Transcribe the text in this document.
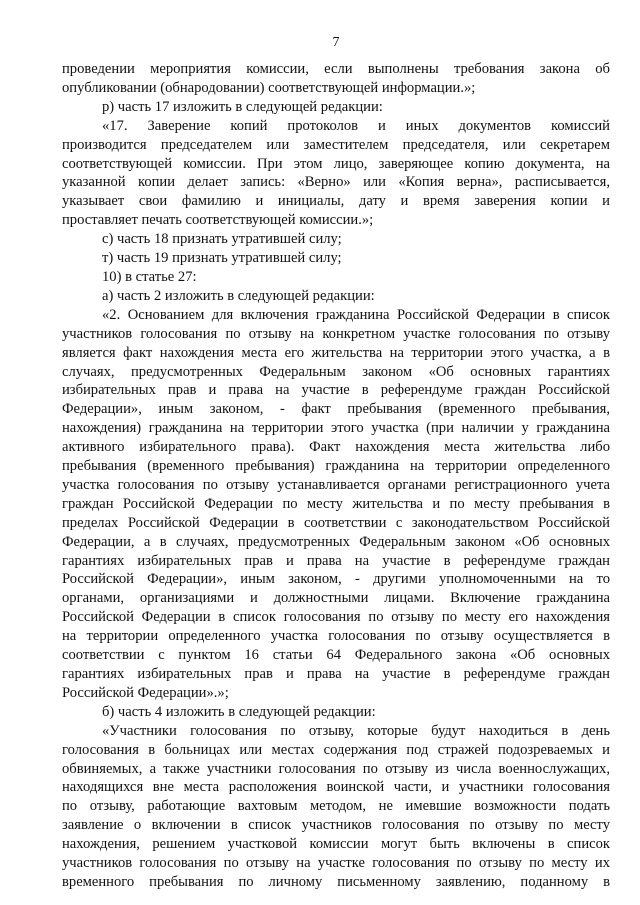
7
проведении мероприятия комиссии, если выполнены требования закона об
опубликовании (обнародовании) соответствующей информации.»;
р) часть 17 изложить в следующей редакции:
«17. Заверение копий протоколов и иных документов комиссий
производится председателем или заместителем председателя, или секретарем
соответствующей комиссии. При этом лицо, заверяющее копию документа, на
указанной копии делает запись: «Верно» или «Копия верна», расписывается,
указывает свои фамилию и инициалы, дату и время заверения копии и
проставляет печать соответствующей комиссии.»;
с) часть 18 признать утратившей силу;
т) часть 19 признать утратившей силу;
10) в статье 27:
а) часть 2 изложить в следующей редакции:
«2. Основанием для включения гражданина Российской Федерации в список
участников голосования по отзыву на конкретном участке голосования по отзыву
является факт нахождения места его жительства на территории этого участка, а в
случаях, предусмотренных Федеральным законом «Об основных гарантиях
избирательных прав и права на участие в референдуме граждан Российской
Федерации», иным законом, - факт пребывания (временного пребывания,
нахождения) гражданина на территории этого участка (при наличии у гражданина
активного избирательного права). Факт нахождения места жительства либо
пребывания (временного пребывания) гражданина на территории определенного
участка голосования по отзыву устанавливается органами регистрационного учета
граждан Российской Федерации по месту жительства и по месту пребывания в
пределах Российской Федерации в соответствии с законодательством Российской
Федерации, а в случаях, предусмотренных Федеральным законом «Об основных
гарантиях избирательных прав и права на участие в референдуме граждан
Российской Федерации», иным законом, - другими уполномоченными на то
органами, организациями и должностными лицами. Включение гражданина
Российской Федерации в список голосования по отзыву по месту его нахождения
на территории определенного участка голосования по отзыву осуществляется в
соответствии с пунктом 16 статьи 64 Федерального закона «Об основных
гарантиях избирательных прав и права на участие в референдуме граждан
Российской Федерации».»;
б) часть 4 изложить в следующей редакции:
«Участники голосования по отзыву, которые будут находиться в день
голосования в больницах или местах содержания под стражей подозреваемых и
обвиняемых, а также участники голосования по отзыву из числа военнослужащих,
находящихся вне места расположения воинской части, и участники голосования
по отзыву, работающие вахтовым методом, не имевшие возможности подать
заявление о включении в список участников голосования по отзыву по месту
нахождения, решением участковой комиссии могут быть включены в список
участников голосования по отзыву на участке голосования по отзыву по месту их
временного пребывания по личному письменному заявлению, поданному в
